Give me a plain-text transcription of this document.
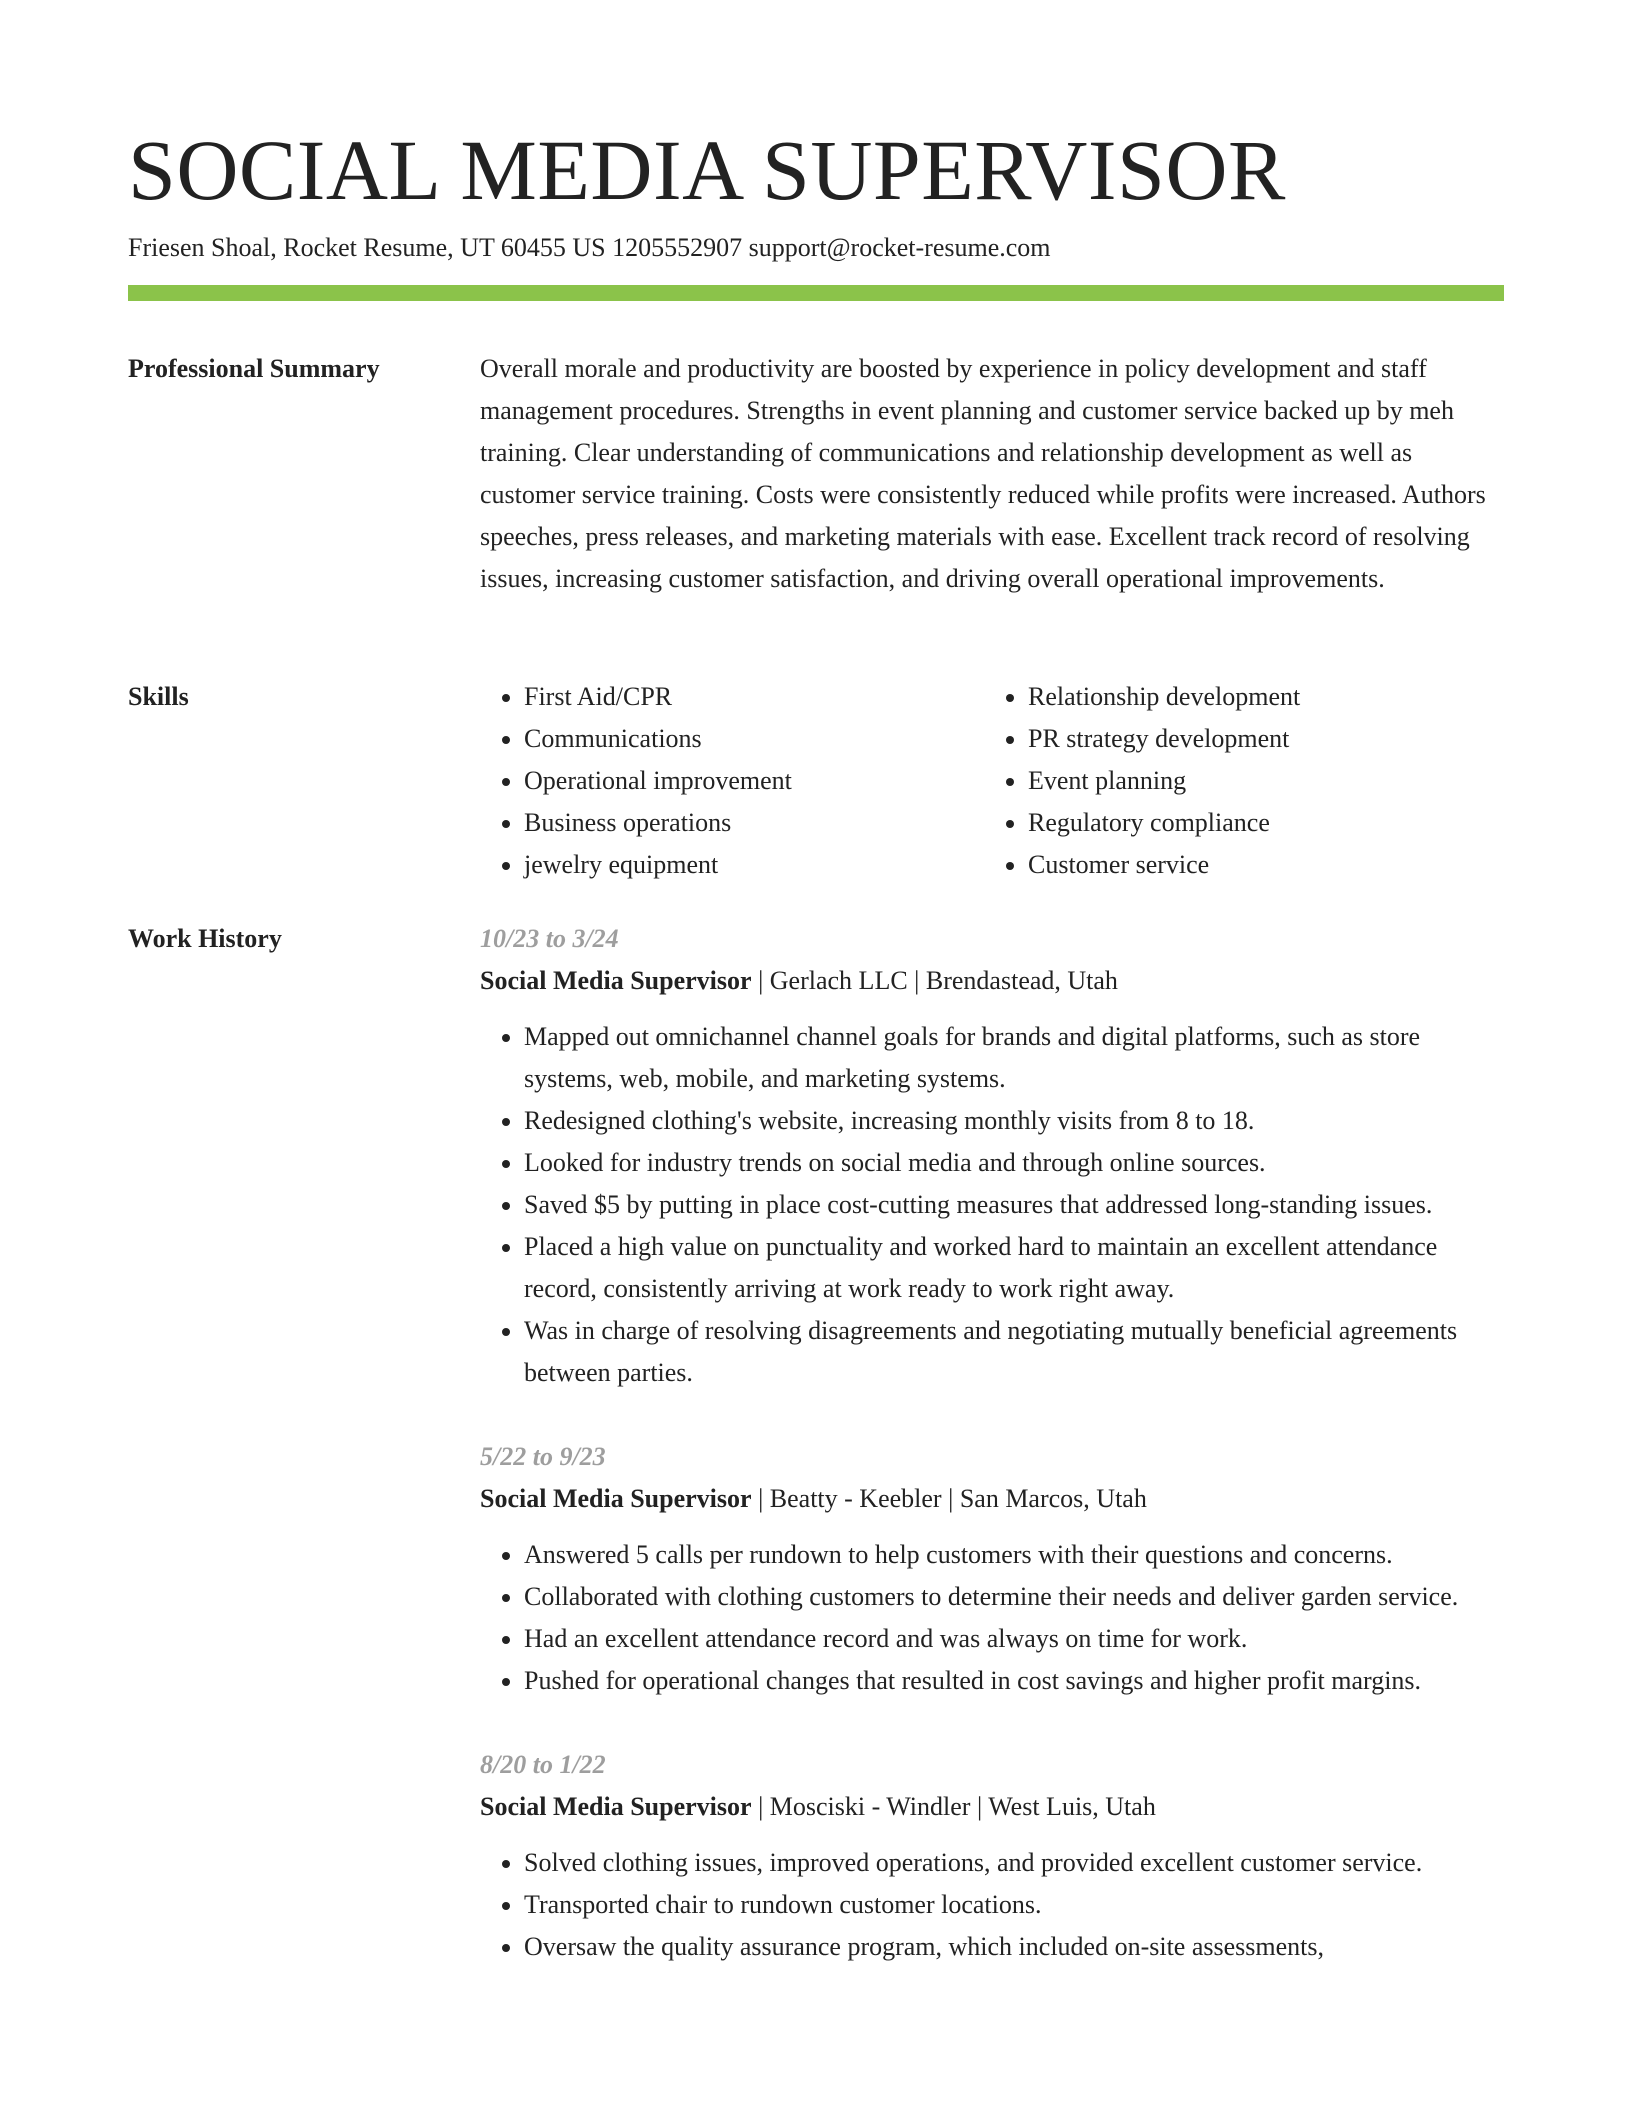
SOCIAL MEDIA SUPERVISOR
Friesen Shoal, Rocket Resume, UT 60455 US 1205552907 support@rocket-resume.com
Professional Summary	Overall morale and productivity are boosted by experience in policy development and staff management procedures. Strengths in event planning and customer service backed up by meh training. Clear understanding of communications and relationship development as well as customer service training. Costs were consistently reduced while profits were increased. Authors speeches, press releases, and marketing materials with ease. Excellent track record of resolving issues, increasing customer satisfaction, and driving overall operational improvements.

Skills
•	First Aid/CPR
• Communications
• Operational improvement
• Business operations
• jewelry equipment
• Relationship development
• PR strategy development
• Event planning
• Regulatory compliance
• Customer service
Work History	10/23 to 3/24
Social Media Supervisor | Gerlach LLC | Brendastead, Utah
• Mapped out omnichannel channel goals for brands and digital platforms, such as store systems, web, mobile, and marketing systems.
• Redesigned clothing's website, increasing monthly visits from 8 to 18.
• Looked for industry trends on social media and through online sources.
• Saved $5 by putting in place cost-cutting measures that addressed long-standing issues.
• Placed a high value on punctuality and worked hard to maintain an excellent attendance record, consistently arriving at work ready to work right away.
• Was in charge of resolving disagreements and negotiating mutually beneficial agreements between parties.
5/22 to 9/23
Social Media Supervisor | Beatty - Keebler | San Marcos, Utah
• Answered 5 calls per rundown to help customers with their questions and concerns.
• Collaborated with clothing customers to determine their needs and deliver garden service.
• Had an excellent attendance record and was always on time for work.
• Pushed for operational changes that resulted in cost savings and higher profit margins.
8/20 to 1/22
Social Media Supervisor | Mosciski - Windler | West Luis, Utah
• Solved clothing issues, improved operations, and provided excellent customer service.
• Transported chair to rundown customer locations.
• Oversaw the quality assurance program, which included on-site assessments,
